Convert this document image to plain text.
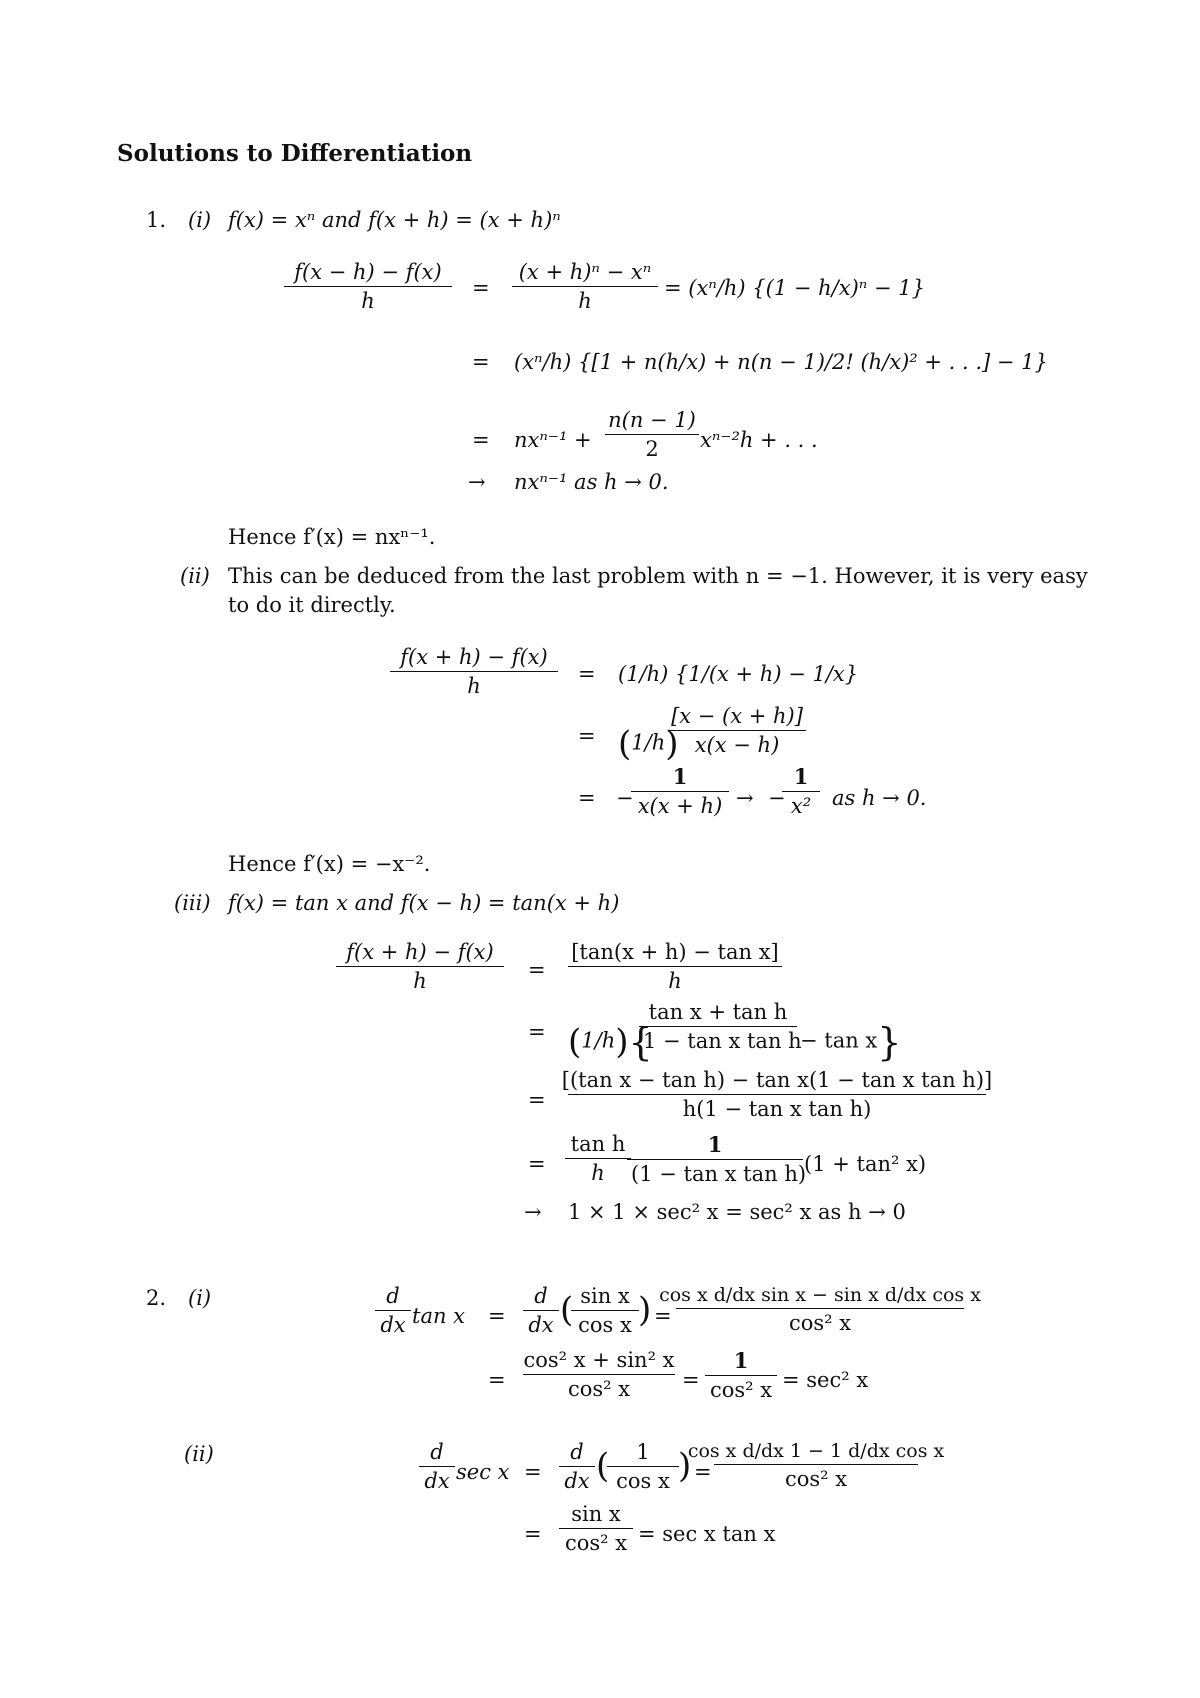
Solutions to Differentiation
1. (i) f(x) = xⁿ and f(x + h) = (x + h)ⁿ
$\frac{f(x - h) - f(x)}{h} = \frac{\text{(x + h)ⁿ − xⁿ}}{h} = (x^n/h) \{(1 - h/x)^n - 1\}$
= (xⁿ/h) {[1 + n(h/x) + n(n − 1)/2! (h/x)² + . . .] − 1}
= $nx^{n-1} + \frac{n(n - 1)}{2} x^{n-2}h$ + . . .
→ nxⁿ⁻¹ as h → 0.
Hence f′(x) = nxⁿ⁻¹.
(ii) This can be deduced from the last problem with n = −1. However, it is very easy
to do it directly.
$\frac{f(x + h) - f(x)}{h} = (1/h) \{1/(x + h) - 1/x\}$
= (1/h)
$\frac{[x - (x + h)]}{x(x - h)}$
= −
$\frac{1}{x(x + h)}$ → −
$\frac{1}{\text{x²}}$ as h → 0.
Hence f′(x) = −x⁻².
(iii) f(x) = tan x and f(x − h) = tan(x + h)
$\frac{f(x + h) - f(x)}{h} = \frac{\text{[tan(x + h) − tan x]}}{h}$
= (1/h){
$\frac{\text{tan x + tan h}}{\text{1 − tan x tan h}} - \tan x$}
=	$\frac{\text{[(tan x − tan h) − tan x(1 − tan x tan h)]}}{\text{h(1 − tan x tan h)}}$
= $\frac{\text{tan h}}{h}$
$\frac{1}{\text{(1 − tan x tan h)}} (1 + \tan^2$ x)
→ 1 × 1 × sec² x = sec² x as h → 0
2. (i)	$\frac{d}{dx}$ $\tan x = \frac{d}{dx}$ (
$\frac{\text{sin x}}{\text{cos x}}$ ) = $\frac{\text{cos x d/dx sin x − sin x d/dx cos x}}{\text{cos² x}}$
= $\frac{\text{cos² x + sin² x}}{\text{cos² x}} = \frac{1}{\text{cos² x}} = \sec^2$ x
(ii)	$\frac{d}{dx}$ $\sec x = \frac{d}{dx}$ (
$\frac{1}{\text{cos x}}$ ) = $\frac{\text{cos x d/dx 1 − 1 d/dx cos x}}{\text{cos² x}}$
= $\frac{\text{sin x}}{\text{cos² x}} = \sec x$ tan x
